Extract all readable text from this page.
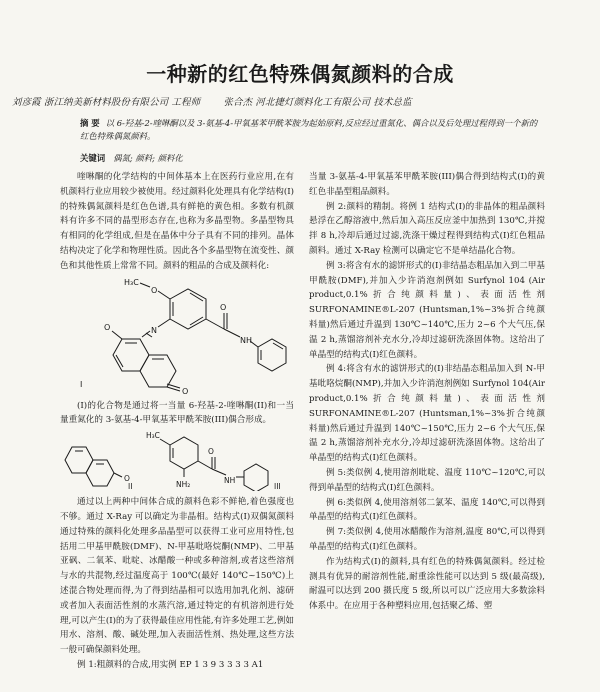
一种新的红色特殊偶氮颜料的合成
刘彦霞 浙江纳美新材料股份有限公司 工程师 张合杰 河北捷灯颜料化工有限公司 技术总监
摘 要 以 6-羟基-2-喹啉酮以及 3-氨基-4-甲氧基苯甲酰苯胺为起始原料,反应经过重氮化、偶合以及后处理过程得到一个新的红色特殊偶氮颜料。
关键词 偶氮; 颜料; 颜料化

喹啉酮的化学结构的中间体基本上在医药行业应用,在有机颜料行业应用较少被使用。经过颜料化处理具有化学结构(I)的特殊偶氮颜料是红色色谱,具有鲜艳的黄色相。多数有机颜料有许多不同的晶型形态存在,也称为多晶型物。多晶型物具有相同的化学组成,但是在晶体中分子具有不同的排列。晶体结构决定了化学和物理性质。因此各个多晶型物在流变性、颜色和其他性质上常常不同。颜料的粗品的合成及颜料化:

H₃C
O
N
O
NH
O
O
I

(I)的化合物是通过将一当量 6-羟基-2-喹啉酮(II)和一当量重氮化的 3-氨基-4-甲氧基苯甲酰苯胺(III)偶合形成。

H₃C
NH₂
O
O	NH
II	III

通过以上两种中间体合成的颜料色彩不鲜艳,着色强度也不够。通过 X-Ray 可以确定为非晶相。结构式(I)双偶氮颜料通过特殊的颜料化处理多品晶型可以获得工业可应用特性,包括用二甲基甲酰胺(DMF)、N-甲基吡咯烷酮(NMP)、二甲基亚砜、二氧苯、吡啶、冰醋酸一种或多种溶剂,或者这些溶剂与水的共混物,经过温度高于 100℃(最好 140℃~150℃)上述混合物处理而得,为了得到结晶相可以选用加乳化剂、滤研或者加入表面活性剂的水蒸汽溶,通过特定的有机溶剂进行处理,可以产生(I)的为了获得最佳应用性能,有许多处理工艺,例如用水、溶剂、酸、碱处理,加入表面活性剂、热处理,这些方法一般可确保颜料处理。

例 1:粗颜料的合成,用实例 EP 1 3 9 3 3 3 3 A1

当量 3-氨基-4-甲氧基苯甲酰苯胺(III)偶合得到结构式(I)的黄红色非晶型粗品颜料。

例 2:颜料的精制。将例 1 结构式(I)的非晶体的粗品颜料悬浮在乙醇溶液中,然后加入高压反应釜中加热到 130℃,并搅拌 8 h,冷却后通过过滤,洗涤干燥过程得到结构式(I)红色粗品颜料。通过 X-Ray 检测可以确定它不是单结晶化合物。

例 3:将含有水的滤饼形式的(I)非结晶态粗品加入到二甲基甲酰胺(DMF),并加入少许消泡剂例如 Surfynol 104 (Air product,0.1%折合纯颜料量)、表面活性剂 SURFONAMINE®L-207 (Huntsman,1%~3%折合纯颜料量)然后通过升温到 130℃~140℃,压力 2~6 个大气压,保温 2 h,蒸馏溶剂补充水分,冷却过滤研洗涤固体物。这给出了单晶型的结构式(I)红色颜料。

例 4:将含有水的滤饼形式的(I)非结晶态粗品加入到 N-甲基吡咯烷酮(NMP),并加入少许消泡剂例如 Surfynol 104(Air product,0.1%折合纯颜料量)、表面活性剂 SURFONAMINE®L-207 (Huntsman,1%~3%折合纯颜料量)然后通过升温到 140℃~150℃,压力 2~6 个大气压,保温 2 h,蒸馏溶剂补充水分,冷却过滤研洗涤固体物。这给出了单晶型的结构式(I)红色颜料。

例 5:类似例 4,使用溶剂吡啶、温度 110℃~120℃,可以得到单晶型的结构式(I)红色颜料。

例 6:类似例 4,使用溶剂邻二氯苯、温度 140℃,可以得到单晶型的结构式(I)红色颜料。

例 7:类似例 4,使用冰醋酸作为溶剂,温度 80℃,可以得到单晶型的结构式(I)红色颜料。

作为结构式(I)的颜料,具有红色的特殊偶氮颜料。经过检测具有优异的耐溶剂性能,耐重涂性能可以达到 5 级(最高级),耐温可以达到 200 摄氏度 5 级,所以可以广泛应用大多数涂料体系中。在应用于各种塑料应用,包括聚乙烯、塑
